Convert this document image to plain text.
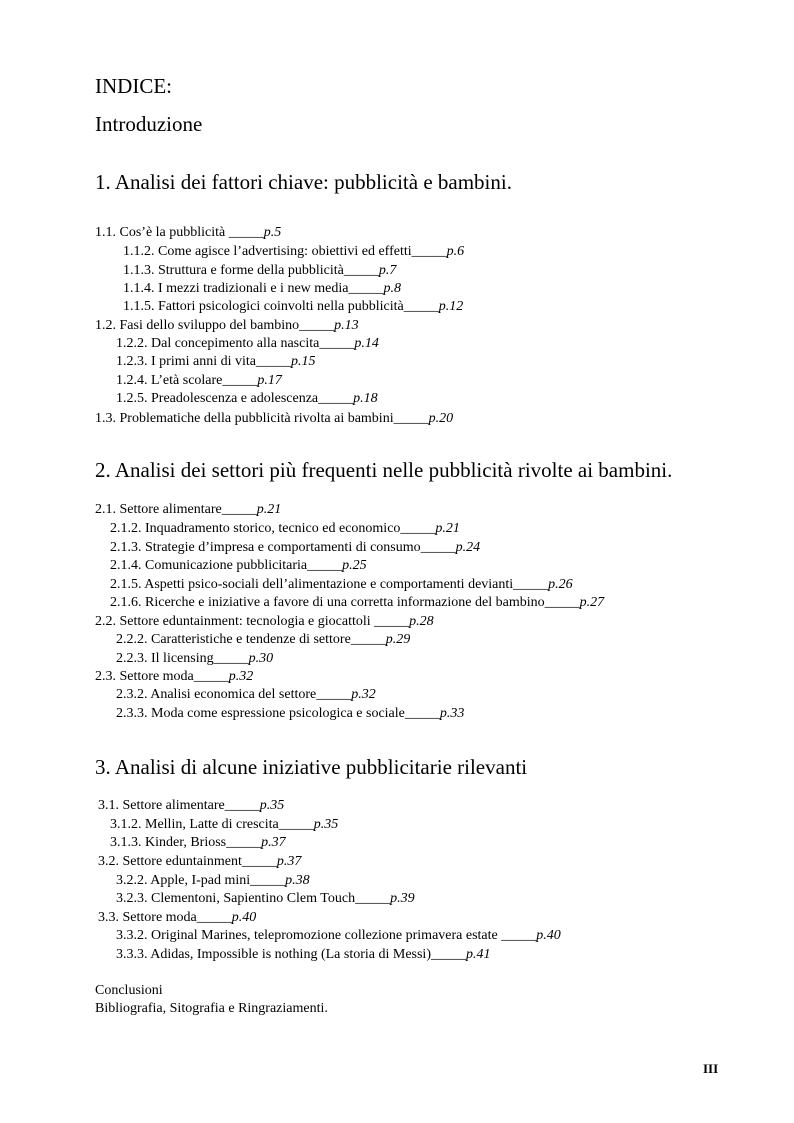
INDICE:
Introduzione
1. Analisi dei fattori chiave: pubblicità e bambini.
2. Analisi dei settori più frequenti nelle pubblicità rivolte ai bambini.
3. Analisi di alcune iniziative pubblicitarie rilevanti
1.1. Cos’è la pubblicità _____p.5
1.1.2. Come agisce l’advertising: obiettivi ed effetti_____p.6
1.1.3. Struttura e forme della pubblicità_____p.7
1.1.4. I mezzi tradizionali e i new media_____p.8
1.1.5. Fattori psicologici coinvolti nella pubblicità_____p.12
1.2. Fasi dello sviluppo del bambino_____p.13
1.2.2. Dal concepimento alla nascita_____p.14
1.2.3. I primi anni di vita_____p.15
1.2.4. L’età scolare_____p.17
1.2.5. Preadolescenza e adolescenza_____p.18
1.3. Problematiche della pubblicità rivolta ai bambini_____p.20
2.1. Settore alimentare_____p.21
2.1.2. Inquadramento storico, tecnico ed economico_____p.21
2.1.3. Strategie d’impresa e comportamenti di consumo_____p.24
2.1.4. Comunicazione pubblicitaria_____p.25
2.1.5. Aspetti psico-sociali dell’alimentazione e comportamenti devianti_____p.26
2.1.6. Ricerche e iniziative a favore di una corretta informazione del bambino_____p.27
2.2. Settore eduntainment: tecnologia e giocattoli _____p.28
2.2.2. Caratteristiche e tendenze di settore_____p.29
2.2.3. Il licensing_____p.30
2.3. Settore moda_____p.32
2.3.2. Analisi economica del settore_____p.32
2.3.3. Moda come espressione psicologica e sociale_____p.33
3.1. Settore alimentare_____p.35
3.1.2. Mellin, Latte di crescita_____p.35
3.1.3. Kinder, Brioss_____p.37
3.2. Settore eduntainment_____p.37
3.2.2. Apple, I-pad mini_____p.38
3.2.3. Clementoni, Sapientino Clem Touch_____p.39
3.3. Settore moda_____p.40
3.3.2. Original Marines, telepromozione collezione primavera estate _____p.40
3.3.3. Adidas, Impossible is nothing (La storia di Messi)_____p.41
Conclusioni
Bibliografia, Sitografia e Ringraziamenti.
III
